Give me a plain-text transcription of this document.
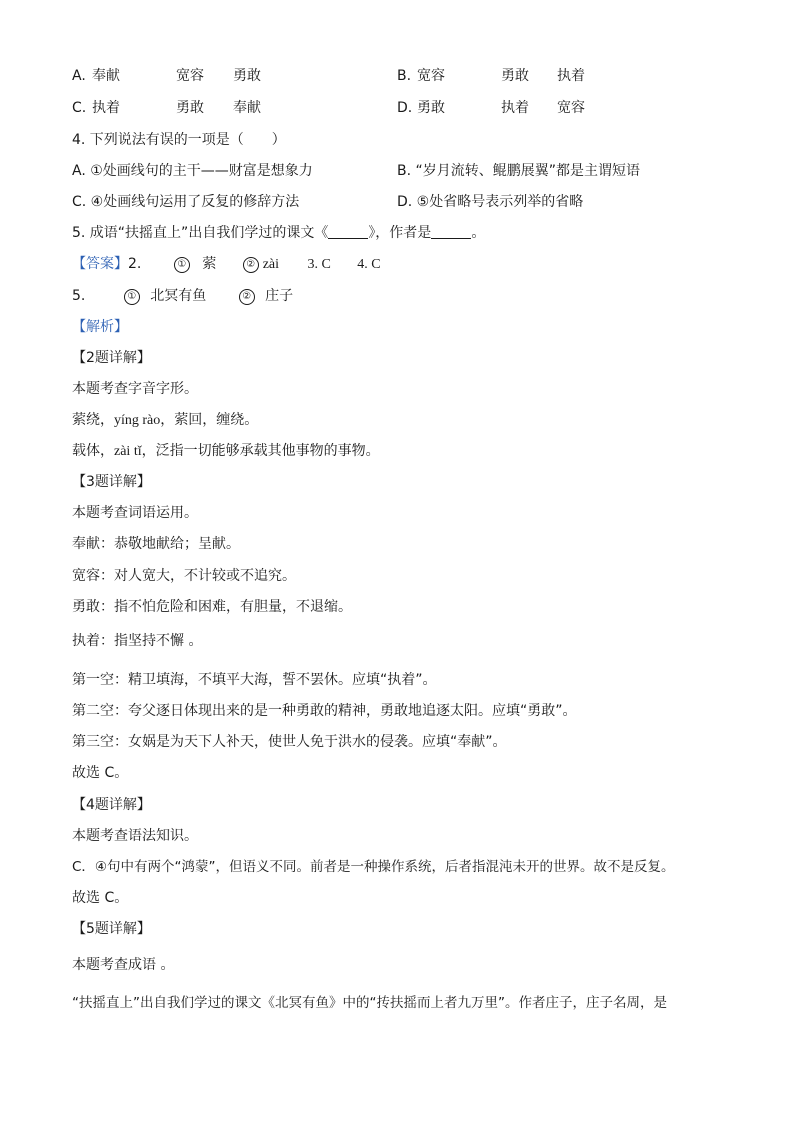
A. 奉献	宽容 勇敢	B. 宽容	勇敢 执着
C. 执着	勇敢 奉献	D. 勇敢	执着 宽容
4. 下列说法有误的一项是（　　）
A. ①处画线句的主干——财富是想象力	B. “岁月流转、鲲鹏展翼”都是主谓短语
C. ④处画线句运用了反复的修辞方法	D. ⑤处省略号表示列举的省略
5. 成语“扶摇直上”出自我们学过的课文《	》，作者是	。
【答案】2.	① 萦	② zài 3. C 4. C
5.	① 北冥有鱼	② 庄子
【解析】
【2题详解】
本题考查字音字形。
萦绕，yíng rào，萦回，缠绕。
载体，zài tǐ，泛指一切能够承载其他事物的事物。
【3题详解】
本题考查词语运用。
奉献：恭敬地献给；呈献。
宽容：对人宽大，不计较或不追究。
勇敢：指不怕危险和困难，有胆量，不退缩。
执着：指坚持不懈 。
第一空：精卫填海，不填平大海，誓不罢休。应填“执着”。
第二空：夸父逐日体现出来的是一种勇敢的精神，勇敢地追逐太阳。应填“勇敢”。
第三空：女娲是为天下人补天，使世人免于洪水的侵袭。应填“奉献”。
故选 C。
【4题详解】
本题考查语法知识。
C．④句中有两个“鸿蒙”，但语义不同。前者是一种操作系统，后者指混沌未开的世界。故不是反复。
故选 C。
【5题详解】
本题考查成语 。
“扶摇直上”出自我们学过的课文《北冥有鱼》中的“抟扶摇而上者九万里”。作者庄子，庄子名周，是
